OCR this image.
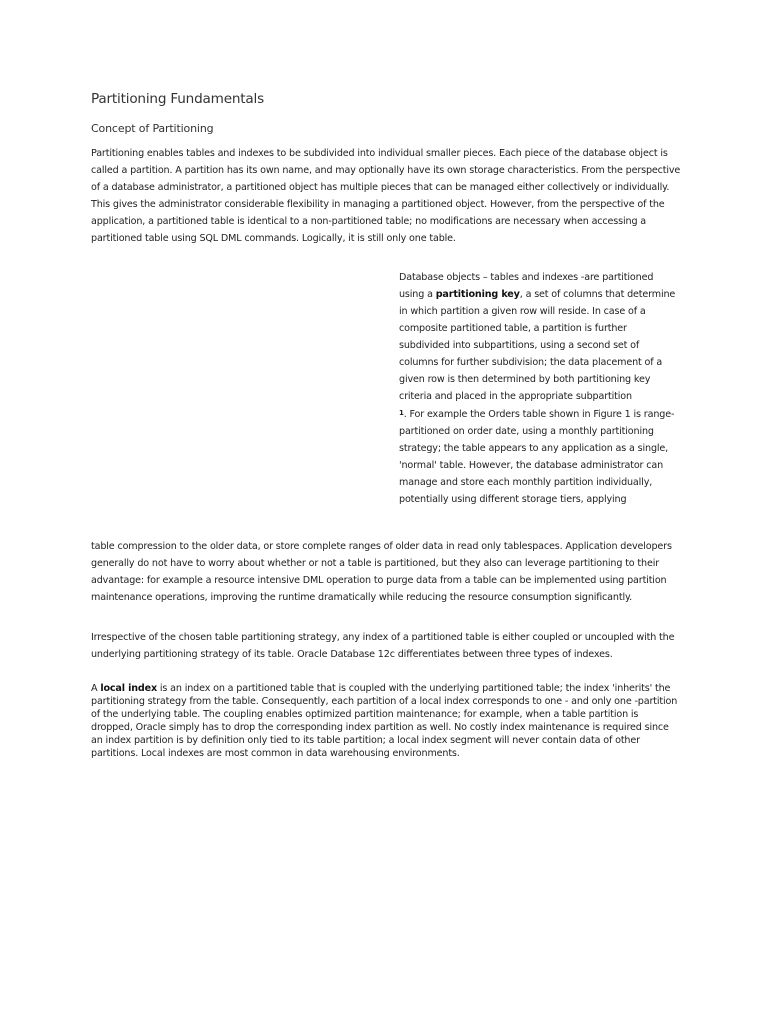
Partitioning Fundamentals
Concept of Partitioning

Partitioning enables tables and indexes to be subdivided into individual smaller pieces. Each piece of the database object is called a partition. A partition has its own name, and may optionally have its own storage characteristics. From the perspective of a database administrator, a partitioned object has multiple pieces that can be managed either collectively or individually. This gives the administrator considerable flexibility in managing a partitioned object. However, from the perspective of the application, a partitioned table is identical to a non-partitioned table; no modifications are necessary when accessing a partitioned table using SQL DML commands. Logically, it is still only one table.

Database objects – tables and indexes -are partitioned using a partitioning key, a set of columns that determine in which partition a given row will reside. In case of a composite partitioned table, a partition is further subdivided into subpartitions, using a second set of columns for further subdivision; the data placement of a given row is then determined by both partitioning key criteria and placed in the appropriate subpartition
$^1$. For example the Orders table shown in Figure 1 is range-partitioned on order date, using a monthly partitioning strategy; the table appears to any application as a single, 'normal' table. However, the database administrator can manage and store each monthly partition individually, potentially using different storage tiers, applying

table compression to the older data, or store complete ranges of older data in read only tablespaces. Application developers generally do not have to worry about whether or not a table is partitioned, but they also can leverage partitioning to their advantage: for example a resource intensive DML operation to purge data from a table can be implemented using partition maintenance operations, improving the runtime dramatically while reducing the resource consumption significantly.

Irrespective of the chosen table partitioning strategy, any index of a partitioned table is either coupled or uncoupled with the underlying partitioning strategy of its table. Oracle Database 12c differentiates between three types of indexes.

A local index is an index on a partitioned table that is coupled with the underlying partitioned table; the index 'inherits' the partitioning strategy from the table. Consequently, each partition of a local index corresponds to one - and only one -partition of the underlying table. The coupling enables optimized partition maintenance; for example, when a table partition is dropped, Oracle simply has to drop the corresponding index partition as well. No costly index maintenance is required since an index partition is by definition only tied to its table partition; a local index segment will never contain data of other partitions. Local indexes are most common in data warehousing environments.
